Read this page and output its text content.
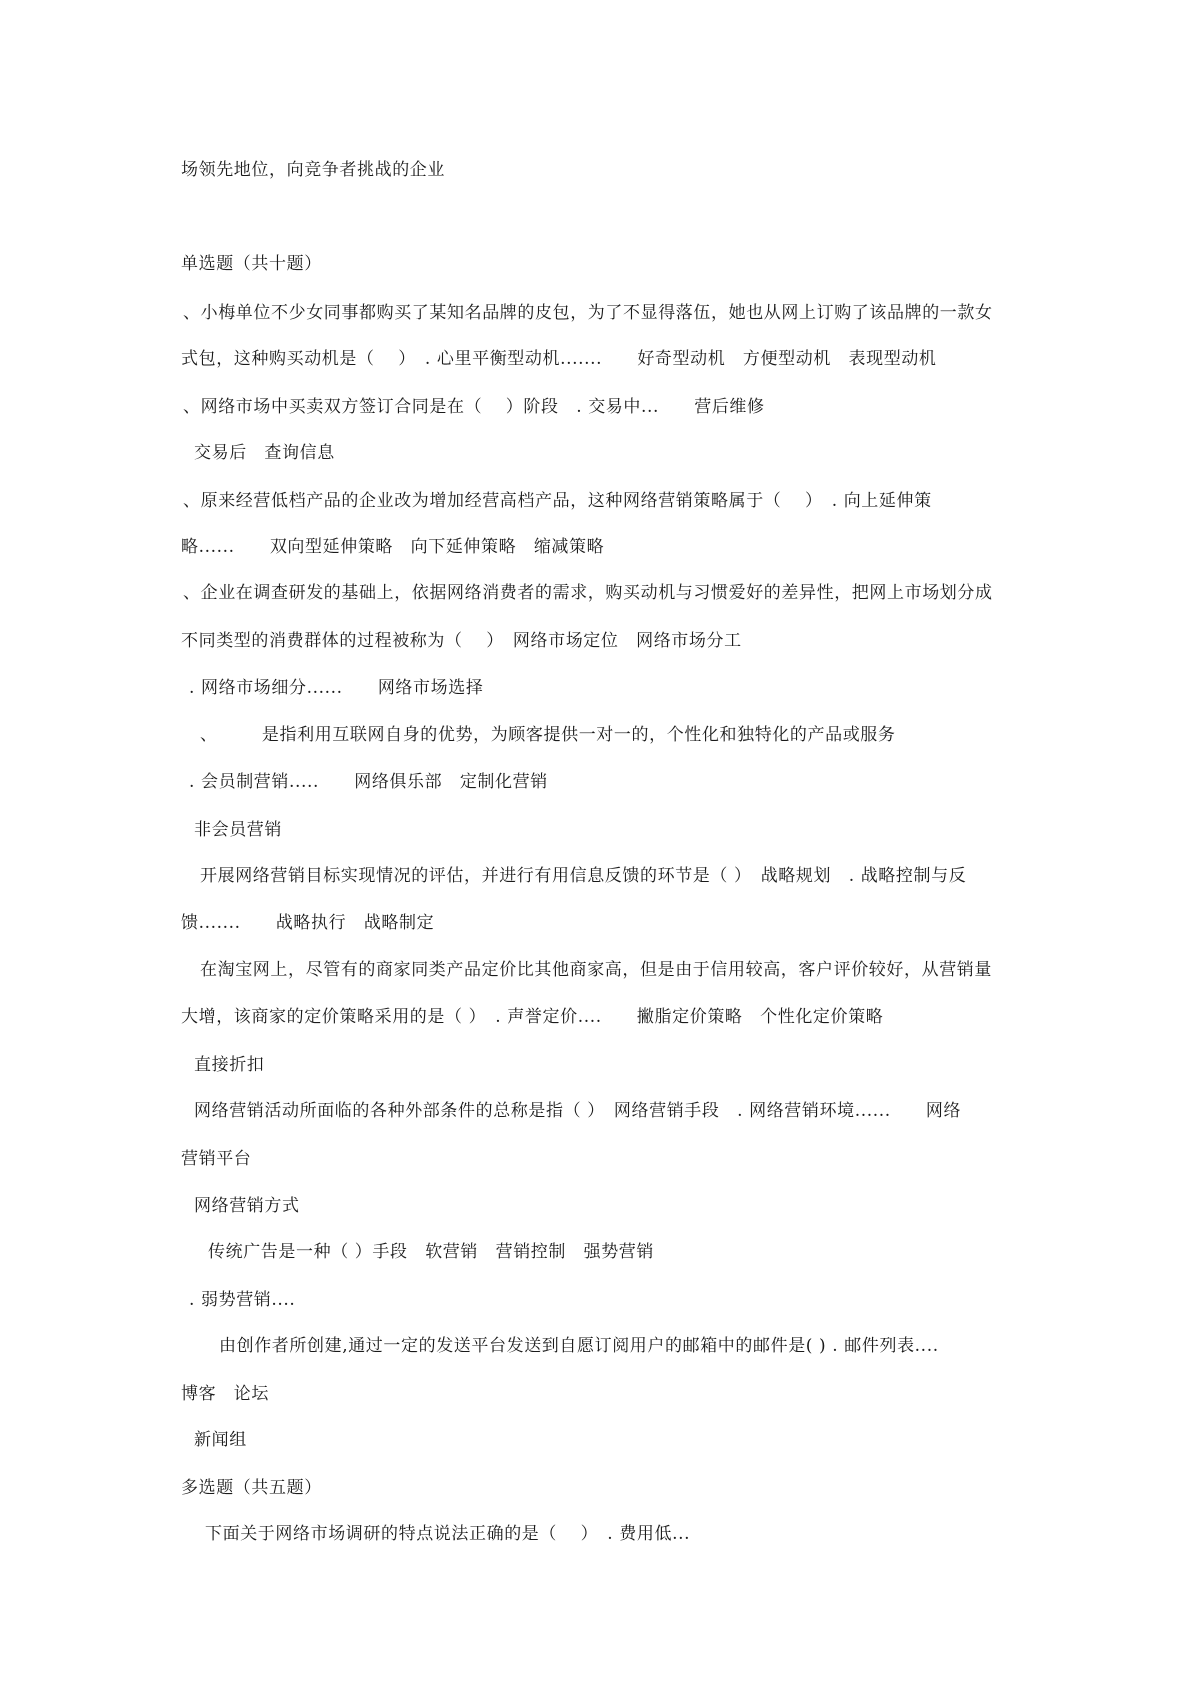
场领先地位，向竞争者挑战的企业
单选题（共十题）
、小梅单位不少女同事都购买了某知名品牌的皮包，为了不显得落伍，她也从网上订购了该品牌的一款女
式包，这种购买动机是（　 ）　. 心里平衡型动机.......　　好奇型动机　方便型动机　表现型动机
、网络市场中买卖双方签订合同是在（　 ）阶段　. 交易中...　　营后维修
交易后　查询信息
、原来经营低档产品的企业改为增加经营高档产品，这种网络营销策略属于（　 ）　. 向上延伸策
略......　　双向型延伸策略　向下延伸策略　缩减策略
、企业在调查研发的基础上，依据网络消费者的需求，购买动机与习惯爱好的差异性，把网上市场划分成
不同类型的消费群体的过程被称为（　 ）　网络市场定位　网络市场分工
. 网络市场细分......　　网络市场选择
、　　　是指利用互联网自身的优势，为顾客提供一对一的，个性化和独特化的产品或服务
. 会员制营销.....　　网络俱乐部　定制化营销
非会员营销
开展网络营销目标实现情况的评估，并进行有用信息反馈的环节是（ ）　战略规划　. 战略控制与反
馈.......　　战略执行　战略制定
在淘宝网上，尽管有的商家同类产品定价比其他商家高，但是由于信用较高，客户评价较好，从营销量
大增，该商家的定价策略采用的是（ ）　. 声誉定价....　　撇脂定价策略　个性化定价策略
直接折扣
网络营销活动所面临的各种外部条件的总称是指（ ）　网络营销手段　. 网络营销环境......　　网络
营销平台
网络营销方式
传统广告是一种（ ）手段　软营销　营销控制　强势营销
. 弱势营销....
由创作者所创建,通过一定的发送平台发送到自愿订阅用户的邮箱中的邮件是( ) . 邮件列表....
博客　论坛
新闻组
多选题（共五题）
下面关于网络市场调研的特点说法正确的是（　 ）　. 费用低...
